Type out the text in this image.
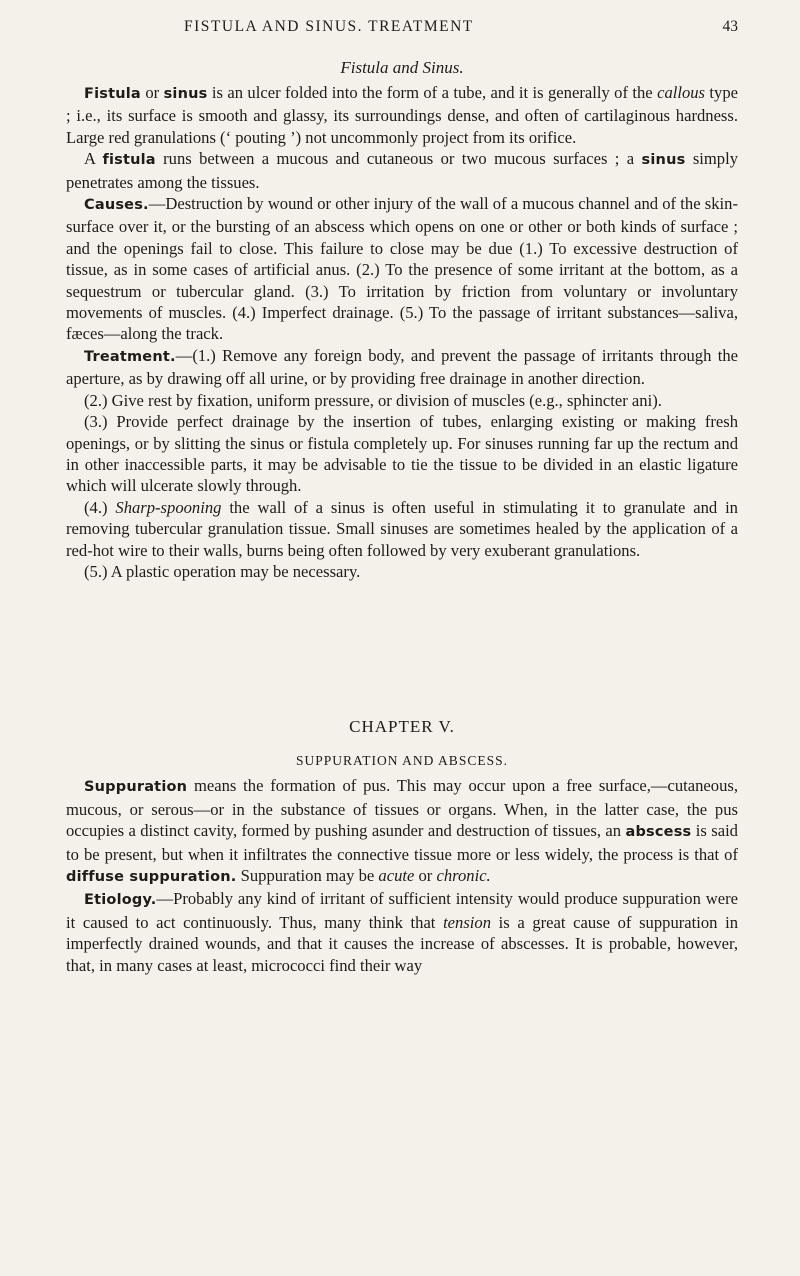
FISTULA AND SINUS. TREATMENT	43
Fistula and Sinus.

Fistula or sinus is an ulcer folded into the form of a tube, and it is generally of the callous type ; i.e., its surface is smooth and glassy, its surroundings dense, and often of cartilaginous hardness. Large red granulations (‘ pouting ’) not uncommonly project from its orifice.

A fistula runs between a mucous and cutaneous or two mucous surfaces ; a sinus simply penetrates among the tissues.

Causes.—Destruction by wound or other injury of the wall of a mucous channel and of the skin-surface over it, or the bursting of an abscess which opens on one or other or both kinds of surface ; and the openings fail to close. This failure to close may be due (1.) To excessive destruction of tissue, as in some cases of artificial anus. (2.) To the presence of some irritant at the bottom, as a sequestrum or tubercular gland. (3.) To irritation by friction from voluntary or involuntary movements of muscles. (4.) Imperfect drainage. (5.) To the passage of irritant substances—saliva, fæces—along the track.

Treatment.—(1.) Remove any foreign body, and prevent the passage of irritants through the aperture, as by drawing off all urine, or by providing free drainage in another direction.

(2.) Give rest by fixation, uniform pressure, or division of muscles (e.g., sphincter ani).

(3.) Provide perfect drainage by the insertion of tubes, enlarging existing or making fresh openings, or by slitting the sinus or fistula completely up. For sinuses running far up the rectum and in other inaccessible parts, it may be advisable to tie the tissue to be divided in an elastic ligature which will ulcerate slowly through.

(4.) Sharp-spooning the wall of a sinus is often useful in stimulating it to granulate and in removing tubercular granulation tissue. Small sinuses are sometimes healed by the application of a red-hot wire to their walls, burns being often followed by very exuberant granulations.

(5.) A plastic operation may be necessary.

CHAPTER V.
SUPPURATION AND ABSCESS.

Suppuration means the formation of pus. This may occur upon a free surface,—cutaneous, mucous, or serous—or in the substance of tissues or organs. When, in the latter case, the pus occupies a distinct cavity, formed by pushing asunder and destruction of tissues, an abscess is said to be present, but when it infiltrates the connective tissue more or less widely, the process is that of diffuse suppuration. Suppuration may be acute or chronic.

Etiology.—Probably any kind of irritant of sufficient intensity would produce suppuration were it caused to act continuously. Thus, many think that tension is a great cause of suppuration in imperfectly drained wounds, and that it causes the increase of abscesses. It is probable, however, that, in many cases at least, micrococci find their way
